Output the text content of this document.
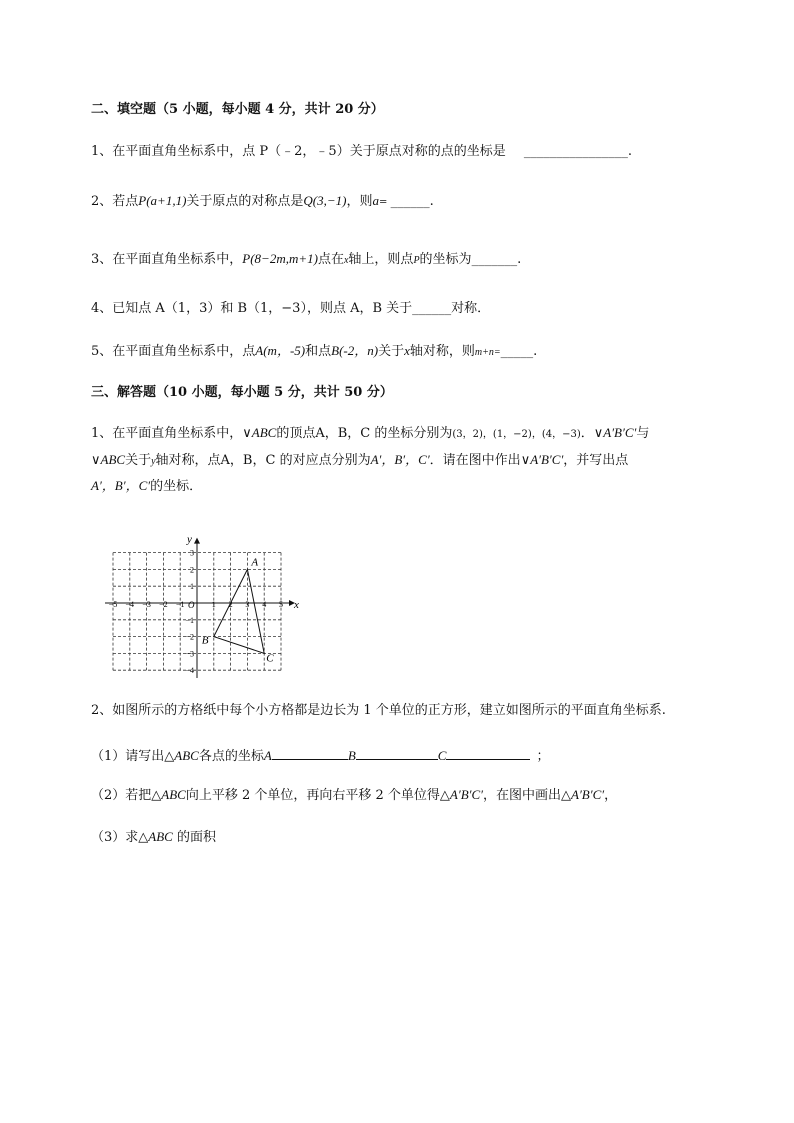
二、填空题（5 小题，每小题 4 分，共计 20 分）
1、在平面直角坐标系中，点 P（﹣2，﹣5）关于原点对称的点的坐标是 ________________.
2、若点P(a+1,1)关于原点的对称点是Q(3,−1)，则a= ______.
3、在平面直角坐标系中，P(8−2m,m+1)点在x轴上，则点P的坐标为_______.
4、已知点 A（1，3）和 B（1，−3），则点 A，B 关于______对称．
5、在平面直角坐标系中，点A(m，-5)和点B(-2，n)关于x轴对称，则m+n=_____.
三、解答题（10 小题，每小题 5 分，共计 50 分）
1、在平面直角坐标系中，∨ABC的顶点A，B，C 的坐标分别为(3，2)，(1，−2)，(4，−3)．∨A′B′C′与
∨ABC关于y轴对称，点A，B，C 的对应点分别为A′，B′，C′．请在图中作出∨A′B′C′，并写出点
A′，B′，C′的坐标．
x
y
O
−5 −4 −3 −2 −1	1 2 3 4 5
3
2
1
−1
−2
−3
−4
A
B
C
2、如图所示的方格纸中每个小方格都是边长为 1 个单位的正方形，建立如图所示的平面直角坐标系.
（1）请写出△ABC各点的坐标A	B	C	；
（2）若把△ABC向上平移 2 个单位，再向右平移 2 个单位得△A′B′C′，在图中画出△A′B′C′，
（3）求△ABC 的面积
